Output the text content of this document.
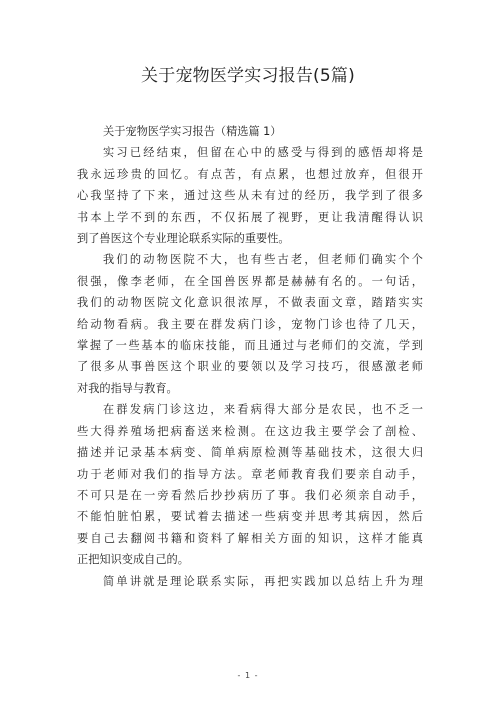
关于宠物医学实习报告(5篇)

关于宠物医学实习报告（精选篇 1）

实习已经结束，但留在心中的感受与得到的感悟却将是
我永远珍贵的回忆。有点苦，有点累，也想过放弃，但很开
心我坚持了下来，通过这些从未有过的经历，我学到了很多
书本上学不到的东西，不仅拓展了视野，更让我清醒得认识
到了兽医这个专业理论联系实际的重要性。
我们的动物医院不大，也有些古老，但老师们确实个个
很强，像李老师，在全国兽医界都是赫赫有名的。一句话，
我们的动物医院文化意识很浓厚，不做表面文章，踏踏实实
给动物看病。我主要在群发病门诊，宠物门诊也待了几天，
掌握了一些基本的临床技能，而且通过与老师们的交流，学到
了很多从事兽医这个职业的要领以及学习技巧，很感激老师
对我的指导与教育。
在群发病门诊这边，来看病得大部分是农民，也不乏一
些大得养殖场把病畜送来检测。在这边我主要学会了剖检、
描述并记录基本病变、简单病原检测等基础技术，这很大归
功于老师对我们的指导方法。章老师教育我们要亲自动手，
不可只是在一旁看然后抄抄病历了事。我们必须亲自动手，
不能怕脏怕累，要试着去描述一些病变并思考其病因，然后
要自己去翻阅书籍和资料了解相关方面的知识，这样才能真
正把知识变成自己的。
简单讲就是理论联系实际，再把实践加以总结上升为理
- 1 -
